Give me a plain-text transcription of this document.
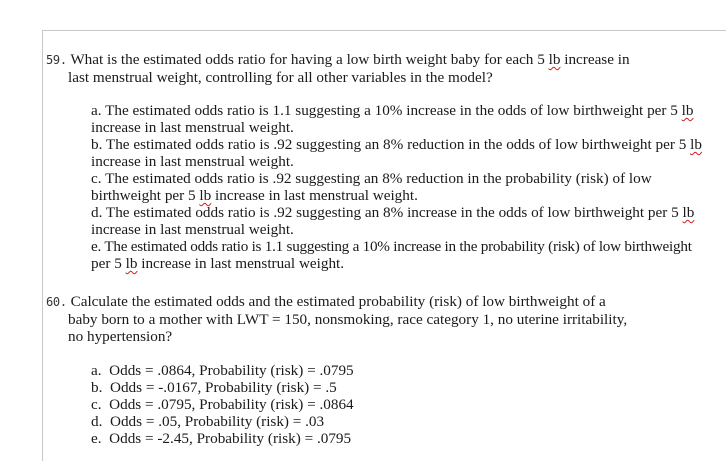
59. What is the estimated odds ratio for having a low birth weight baby for each 5 lb increase in
last menstrual weight, controlling for all other variables in the model?
a. The estimated odds ratio is 1.1 suggesting a 10% increase in the odds of low birthweight per 5 lb
increase in last menstrual weight.
b. The estimated odds ratio is .92 suggesting an 8% reduction in the odds of low birthweight per 5 lb
increase in last menstrual weight.
c. The estimated odds ratio is .92 suggesting an 8% reduction in the probability (risk) of low
birthweight per 5 lb increase in last menstrual weight.
d. The estimated odds ratio is .92 suggesting an 8% increase in the odds of low birthweight per 5 lb
increase in last menstrual weight.
e. The estimated odds ratio is 1.1 suggesting a 10% increase in the probability (risk) of low birthweight
per 5 lb increase in last menstrual weight.
60. Calculate the estimated odds and the estimated probability (risk) of low birthweight of a
baby born to a mother with LWT = 150, nonsmoking, race category 1, no uterine irritability,
no hypertension?
a. Odds = .0864, Probability (risk) = .0795
b. Odds = -.0167, Probability (risk) = .5
c. Odds = .0795, Probability (risk) = .0864
d. Odds = .05, Probability (risk) = .03
e. Odds = -2.45, Probability (risk) = .0795
